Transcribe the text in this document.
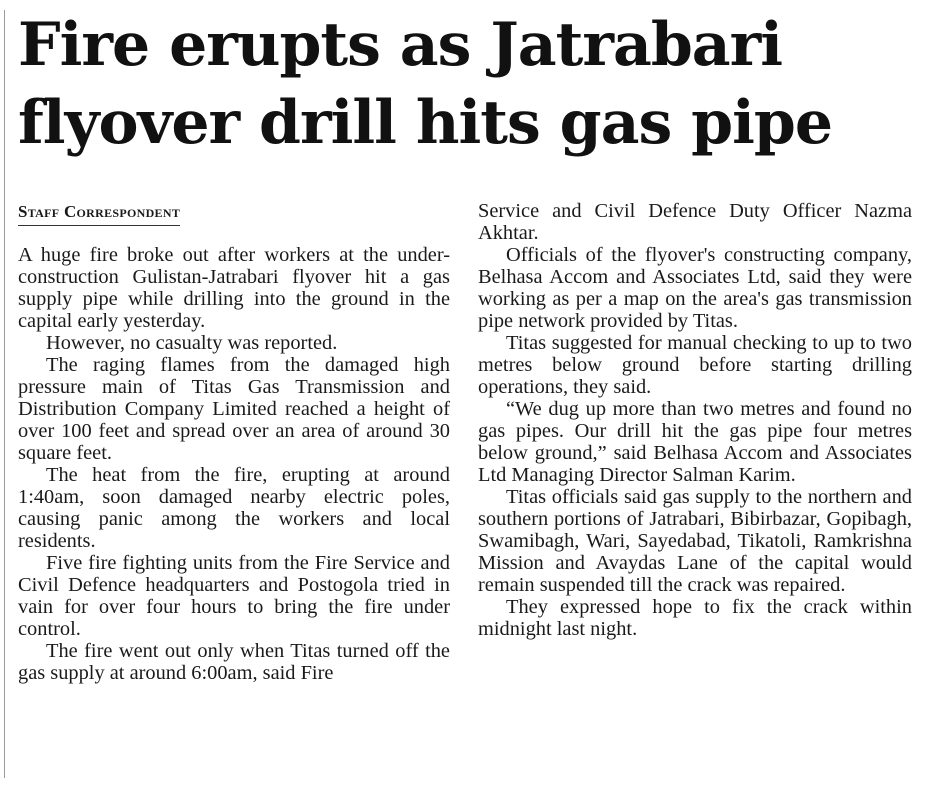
Fire erupts as Jatrabari flyover drill hits gas pipe
Staff Correspondent

A huge fire broke out after workers at the under-construction Gulistan-Jatrabari flyover hit a gas supply pipe while drilling into the ground in the capital early yesterday.

However, no casualty was reported.

The raging flames from the damaged high pressure main of Titas Gas Transmission and Distribution Company Limited reached a height of over 100 feet and spread over an area of around 30 square feet.

The heat from the fire, erupting at around 1:40am, soon damaged nearby electric poles, causing panic among the workers and local residents.

Five fire fighting units from the Fire Service and Civil Defence headquarters and Postogola tried in vain for over four hours to bring the fire under control.

The fire went out only when Titas turned off the gas supply at around 6:00am, said Fire

Service and Civil Defence Duty Officer Nazma Akhtar.

Officials of the flyover's constructing company, Belhasa Accom and Associates Ltd, said they were working as per a map on the area's gas transmission pipe network provided by Titas.

Titas suggested for manual checking to up to two metres below ground before starting drilling operations, they said.

“We dug up more than two metres and found no gas pipes. Our drill hit the gas pipe four metres below ground,” said Belhasa Accom and Associates Ltd Managing Director Salman Karim.

Titas officials said gas supply to the northern and southern portions of Jatrabari, Bibirbazar, Gopibagh, Swamibagh, Wari, Sayedabad, Tikatoli, Ramkrishna Mission and Avaydas Lane of the capital would remain suspended till the crack was repaired.

They expressed hope to fix the crack within midnight last night.
